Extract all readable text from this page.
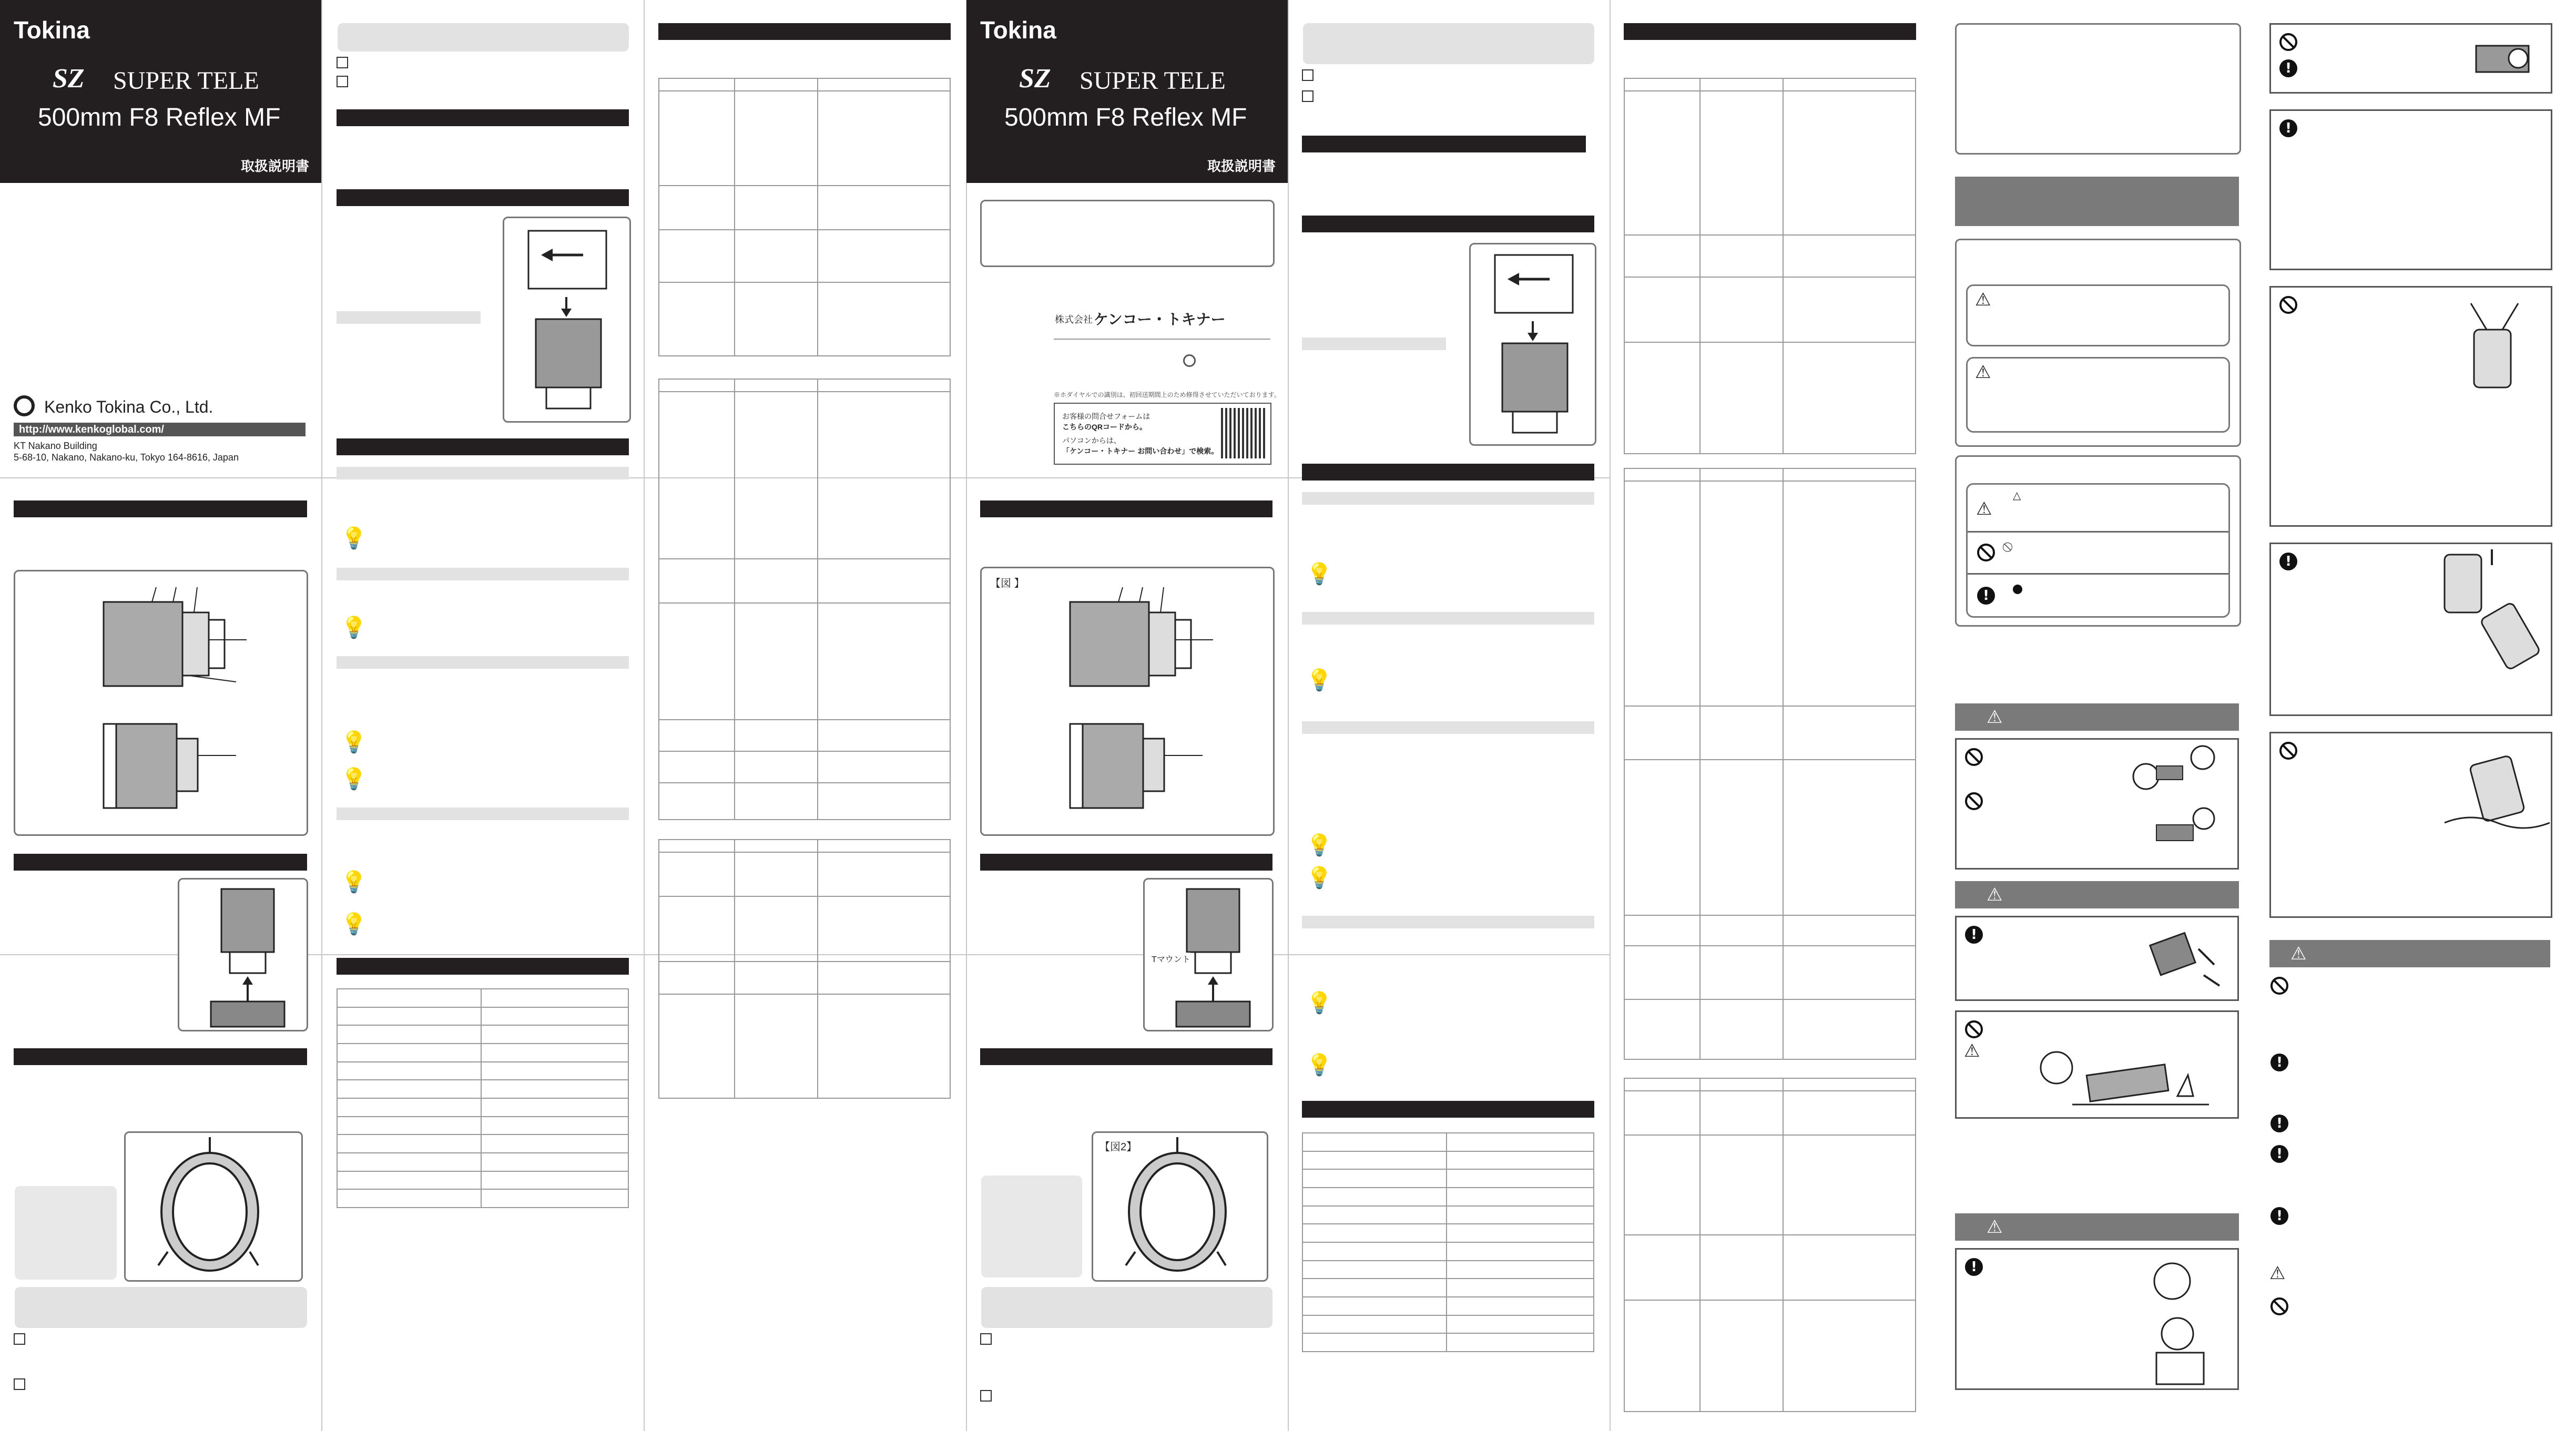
Tokina
SZ SUPER TELE
500mm F8 Reflex MF
取扱説明書
Kenko Tokina Co., Ltd.
http://www.kenkoglobal.com/
KT Nakano Building
5-68-10, Nakano, Nakano-ku, Tokyo 164-8616, Japan
💡
💡
💡
💡
💡
💡

Tokina
SZ SUPER TELE
500mm F8 Reflex MF
取扱説明書
株式会社 ケンコー・トキナー
※ホダイヤルでの識別は、初回送期間上のため修得させていただいております。
お客様の問合せフォームは
こちらのQRコードから。
パソコンからは、
「ケンコー・トキナー お問い合わせ」で検索。
【図 】
Tマウント
【図2】
💡
💡
💡
💡
💡
💡

⚠
⚠
⚠
△
!
⚠
⚠
!
⚠
⚠
!
!
!
!
⚠
!
!
!
!
⚠
